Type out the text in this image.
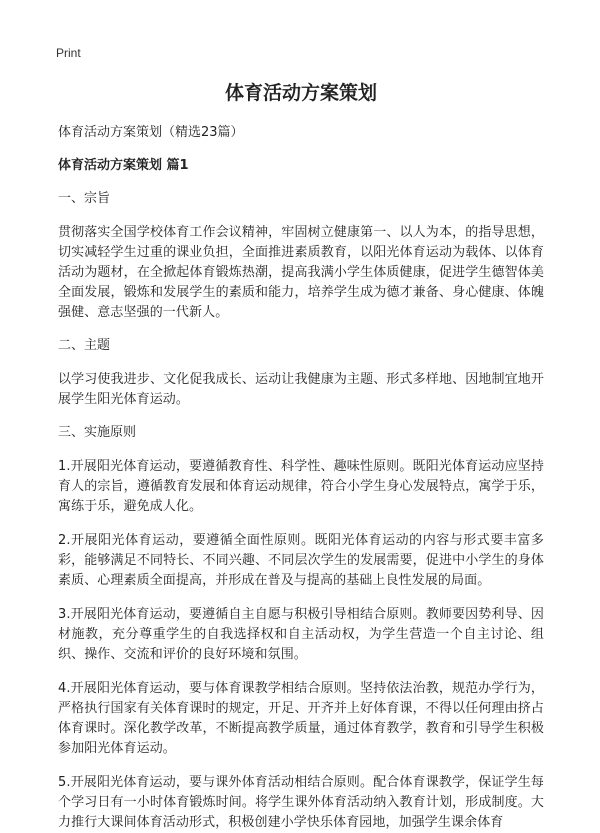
Print
体育活动方案策划
体育活动方案策划（精选23篇）
体育活动方案策划 篇1
一、宗旨
贯彻落实全国学校体育工作会议精神，牢固树立健康第一、以人为本，的指导思想，切实减轻学生过重的课业负担，全面推进素质教育，以阳光体育运动为载体、以体育活动为题材，在全掀起体育锻炼热潮，提高我满小学生体质健康，促进学生德智体美全面发展，锻炼和发展学生的素质和能力，培养学生成为德才兼备、身心健康、体魄强健、意志坚强的一代新人。
二、主题
以学习使我进步、文化促我成长、运动让我健康为主题、形式多样地、因地制宜地开展学生阳光体育运动。
三、实施原则
1.开展阳光体育运动，要遵循教育性、科学性、趣味性原则。既阳光体育运动应坚持育人的宗旨，遵循教育发展和体育运动规律，符合小学生身心发展特点，寓学于乐，寓练于乐，避免成人化。
2.开展阳光体育运动，要遵循全面性原则。既阳光体育运动的内容与形式要丰富多彩，能够满足不同特长、不同兴趣、不同层次学生的发展需要，促进中小学生的身体素质、心理素质全面提高，并形成在普及与提高的基础上良性发展的局面。
3.开展阳光体育运动，要遵循自主自愿与积极引导相结合原则。教师要因势利导、因材施教，充分尊重学生的自我选择权和自主活动权，为学生营造一个自主讨论、组织、操作、交流和评价的良好环境和氛围。
4.开展阳光体育运动，要与体育课教学相结合原则。坚持依法治教，规范办学行为，严格执行国家有关体育课时的规定，开足、开齐并上好体育课，不得以任何理由挤占体育课时。深化教学改革，不断提高教学质量，通过体育教学，教育和引导学生积极参加阳光体育运动。
5.开展阳光体育运动，要与课外体育活动相结合原则。配合体育课教学，保证学生每个学习日有一小时体育锻炼时间。将学生课外体育活动纳入教育计划，形成制度。大力推行大课间体育活动形式，积极创建小学快乐体育园地，加强学生课余体育
